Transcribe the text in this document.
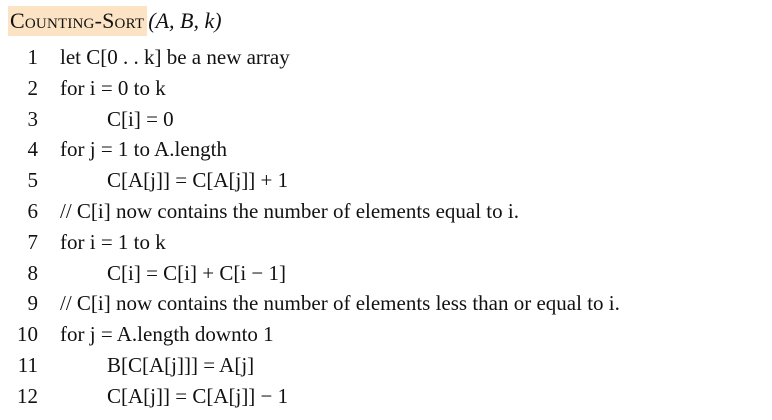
Counting-Sort (A, B, k)
1 let C[0 . . k] be a new array
2 for i = 0 to k
3	C[i] = 0
4 for j = 1 to A.length
5	C[A[j]] = C[A[j]] + 1
6 // C[i] now contains the number of elements equal to i.
7 for i = 1 to k
8	C[i] = C[i] + C[i − 1]
9 // C[i] now contains the number of elements less than or equal to i.
10 for j = A.length downto 1
11	B[C[A[j]]] = A[j]
12	C[A[j]] = C[A[j]] − 1
